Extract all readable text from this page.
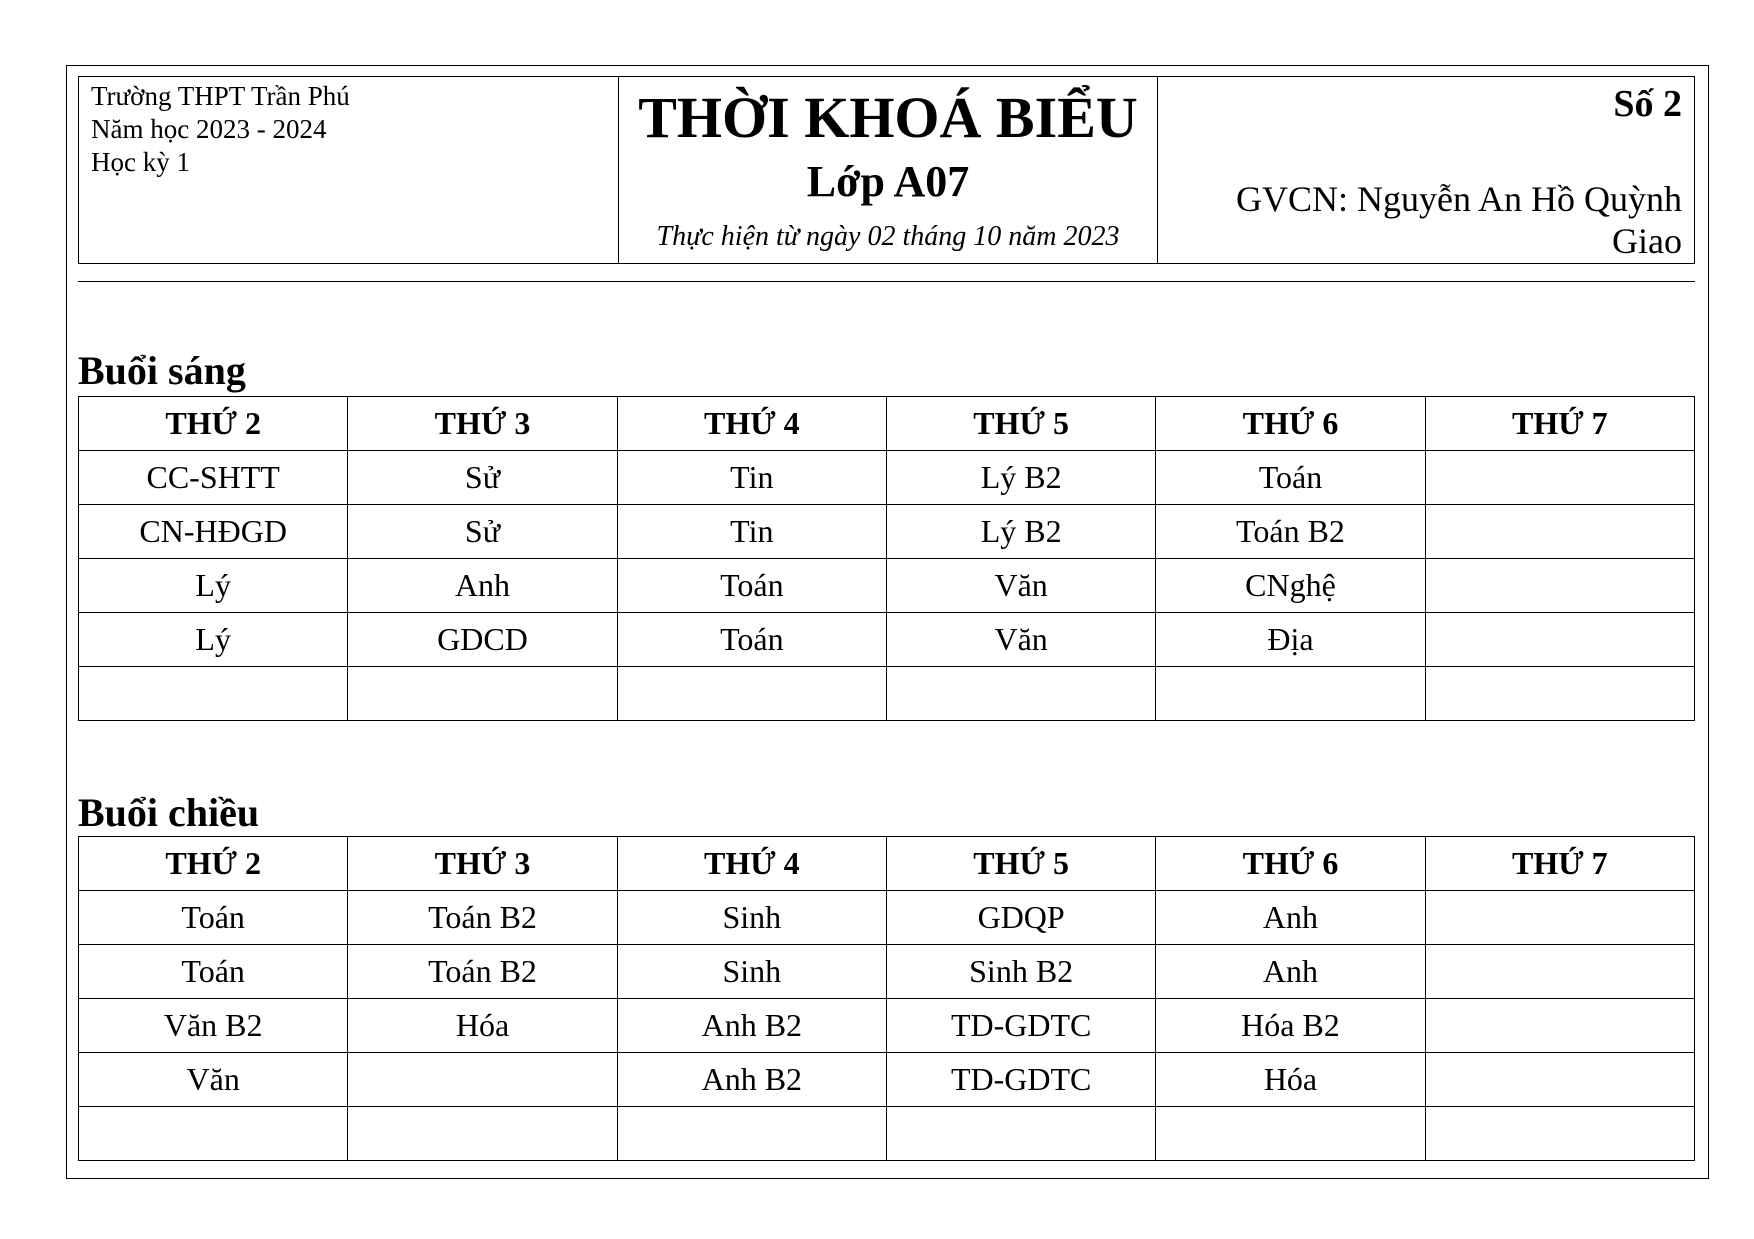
Trường THPT Trần Phú
Năm học 2023 - 2024
Học kỳ 1
THỜI KHOÁ BIỂU
Lớp A07
Thực hiện từ ngày 02 tháng 10 năm 2023
Số 2
GVCN: Nguyễn An Hồ Quỳnh Giao
Buổi sáng
THỨ 2	THỨ 3	THỨ 4	THỨ 5	THỨ 6	THỨ 7
CC-SHTT	Sử	Tin	Lý B2	Toán	
CN-HĐGD	Sử	Tin	Lý B2	Toán B2	
Lý	Anh	Toán	Văn	CNghệ	
Lý	GDCD	Toán	Văn	Địa	

Buổi chiều
THỨ 2	THỨ 3	THỨ 4	THỨ 5	THỨ 6	THỨ 7
Toán	Toán B2	Sinh	GDQP	Anh	
Toán	Toán B2	Sinh	Sinh B2	Anh	
Văn B2	Hóa	Anh B2	TD-GDTC	Hóa B2	
Văn		Anh B2	TD-GDTC	Hóa	
